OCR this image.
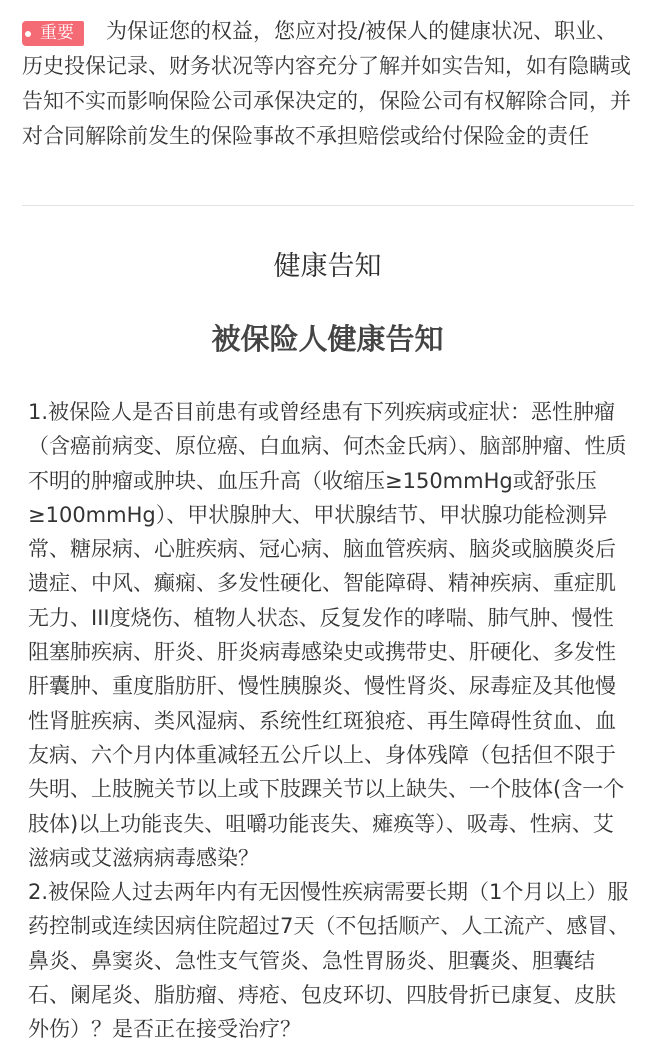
重要	为保证您的权益，您应对投/被保人的健康状况、职业、历史投保记录、财务状况等内容充分了解并如实告知，如有隐瞒或告知不实而影响保险公司承保决定的，保险公司有权解除合同，并对合同解除前发生的保险事故不承担赔偿或给付保险金的责任
健康告知
被保险人健康告知

1.被保险人是否目前患有或曾经患有下列疾病或症状：恶性肿瘤（含癌前病变、原位癌、白血病、何杰金氏病）、脑部肿瘤、性质不明的肿瘤或肿块、血压升高（收缩压≥150mmHg或舒张压≥100mmHg）、甲状腺肿大、甲状腺结节、甲状腺功能检测异常、糖尿病、心脏疾病、冠心病、脑血管疾病、脑炎或脑膜炎后遗症、中风、癫痫、多发性硬化、智能障碍、精神疾病、重症肌无力、III度烧伤、植物人状态、反复发作的哮喘、肺气肿、慢性阻塞肺疾病、肝炎、肝炎病毒感染史或携带史、肝硬化、多发性肝囊肿、重度脂肪肝、慢性胰腺炎、慢性肾炎、尿毒症及其他慢性肾脏疾病、类风湿病、系统性红斑狼疮、再生障碍性贫血、血友病、六个月内体重减轻五公斤以上、身体残障（包括但不限于失明、上肢腕关节以上或下肢踝关节以上缺失、一个肢体(含一个肢体)以上功能丧失、咀嚼功能丧失、瘫痪等）、吸毒、性病、艾滋病或艾滋病病毒感染？

2.被保险人过去两年内有无因慢性疾病需要长期（1个月以上）服药控制或连续因病住院超过7天（不包括顺产、人工流产、感冒、鼻炎、鼻窦炎、急性支气管炎、急性胃肠炎、胆囊炎、胆囊结石、阑尾炎、脂肪瘤、痔疮、包皮环切、四肢骨折已康复、皮肤外伤）？是否正在接受治疗？
